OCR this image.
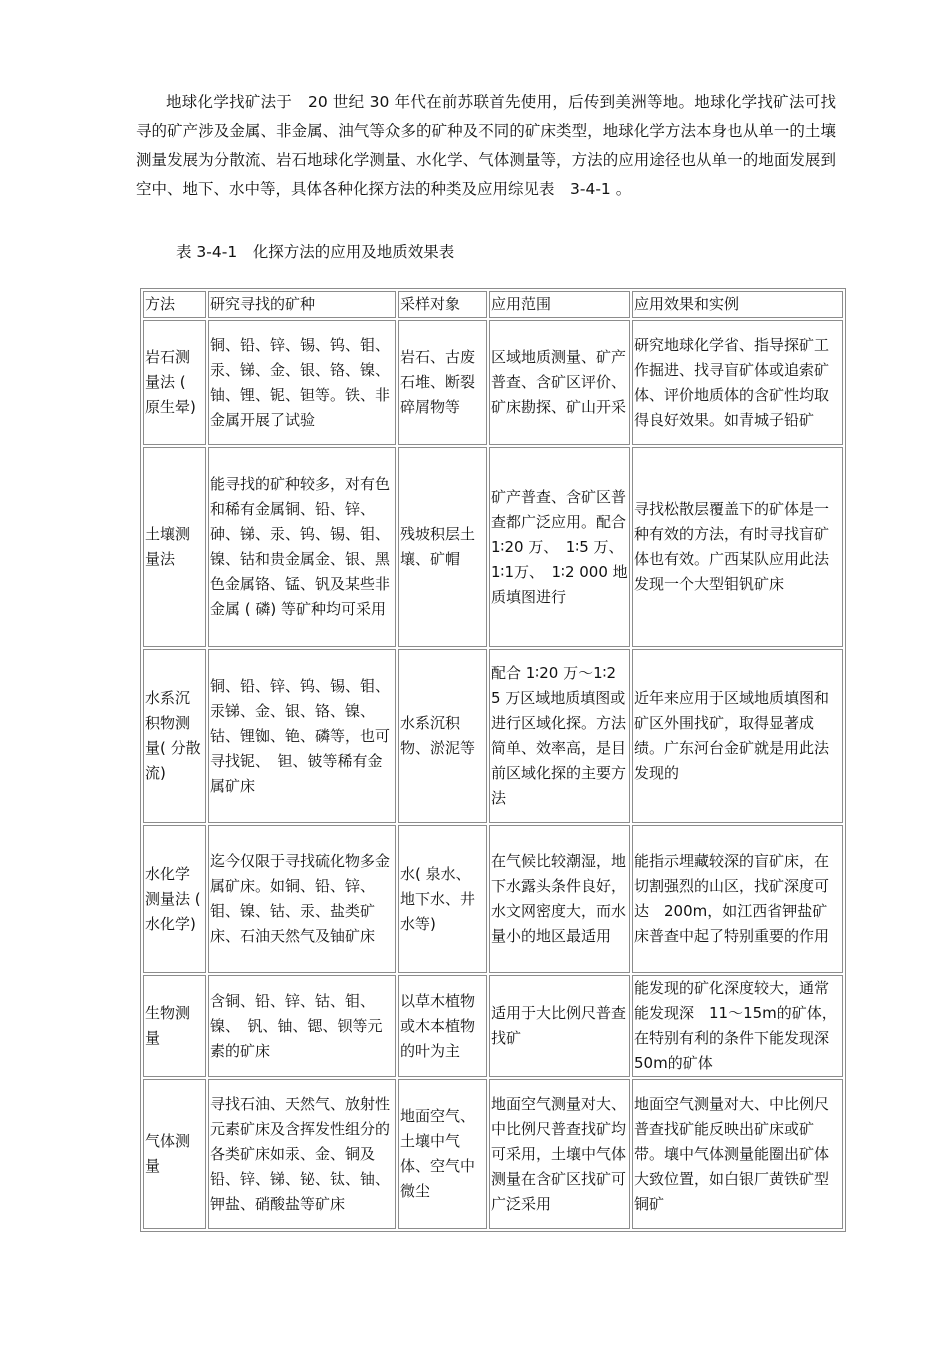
地球化学找矿法于　20 世纪 30 年代在前苏联首先使用，后传到美洲等地。地球化学找矿法可找寻的矿产涉及金属、非金属、油气等众多的矿种及不同的矿床类型，地球化学方法本身也从单一的土壤测量发展为分散流、岩石地球化学测量、水化学、气体测量等，方法的应用途径也从单一的地面发展到空中、地下、水中等，具体各种化探方法的种类及应用综见表　3-4-1 。

表 3-4-1　化探方法的应用及地质效果表

方法	研究寻找的矿种	采样对象	应用范围	应用效果和实例
岩石测量法 ( 原生晕)	铜、铅、锌、锡、钨、钼、汞、锑、金、银、铬、镍、铀、锂、铌、钽等。铁、非金属开展了试验	岩石、古废石堆、断裂碎屑物等	区域地质测量、矿产普查、含矿区评价、矿床勘探、矿山开采	研究地球化学省、指导探矿工作掘进、找寻盲矿体或追索矿体、评价地质体的含矿性均取得良好效果。如青城子铅矿
土壤测量法	能寻找的矿种较多，对有色和稀有金属铜、铅、锌、砷、锑、汞、钨、锡、钼、镍、钴和贵金属金、银、黑色金属铬、锰、钒及某些非金属 ( 磷) 等矿种均可采用	残坡积层土壤、矿帽	矿产普查、含矿区普查都广泛应用。配合　1∶20 万、　1∶5 万、　1∶1万、　1∶2 000 地质填图进行	寻找松散层覆盖下的矿体是一种有效的方法，有时寻找盲矿体也有效。广西某队应用此法发现一个大型钼钒矿床
水系沉积物测量( 分散流)	铜、铅、锌、钨、锡、钼、汞锑、金、银、铬、镍、钴、锂铷、铯、磷等，也可寻找铌、　钽、铍等稀有金属矿床	水系沉积物、淤泥等	配合 1∶20 万～1∶2　　5 万区域地质填图或进行区域化探。方法简单、效率高，是目前区域化探的主要方法	近年来应用于区域地质填图和矿区外围找矿，取得显著成绩。广东河台金矿就是用此法发现的
水化学测量法 ( 水化学)	迄今仅限于寻找硫化物多金属矿床。如铜、铅、锌、钼、镍、钴、汞、盐类矿床、石油天然气及铀矿床	水( 泉水、地下水、井水等)	在气候比较潮湿，地下水露头条件良好，水文网密度大，而水量小的地区最适用	能指示埋藏较深的盲矿床，在切割强烈的山区，找矿深度可达　200m，如江西省钾盐矿床普查中起了特别重要的作用
生物测量	含铜、铅、锌、钴、钼、镍、　钒、铀、锶、钡等元素的矿床	以草木植物或木本植物的叶为主	适用于大比例尺普查找矿	能发现的矿化深度较大，通常能发现深　11～15m的矿体，在特别有利的条件下能发现深　50m的矿体
气体测量	寻找石油、天然气、放射性元素矿床及含挥发性组分的各类矿床如汞、金、铜及铅、锌、锑、铋、钛、铀、钾盐、硝酸盐等矿床	地面空气、土壤中气体、空气中微尘	地面空气测量对大、中比例尺普查找矿均可采用，土壤中气体测量在含矿区找矿可广泛采用	地面空气测量对大、中比例尺普查找矿能反映出矿床或矿带。壤中气体测量能圈出矿体大致位置，如白银厂黄铁矿型铜矿
